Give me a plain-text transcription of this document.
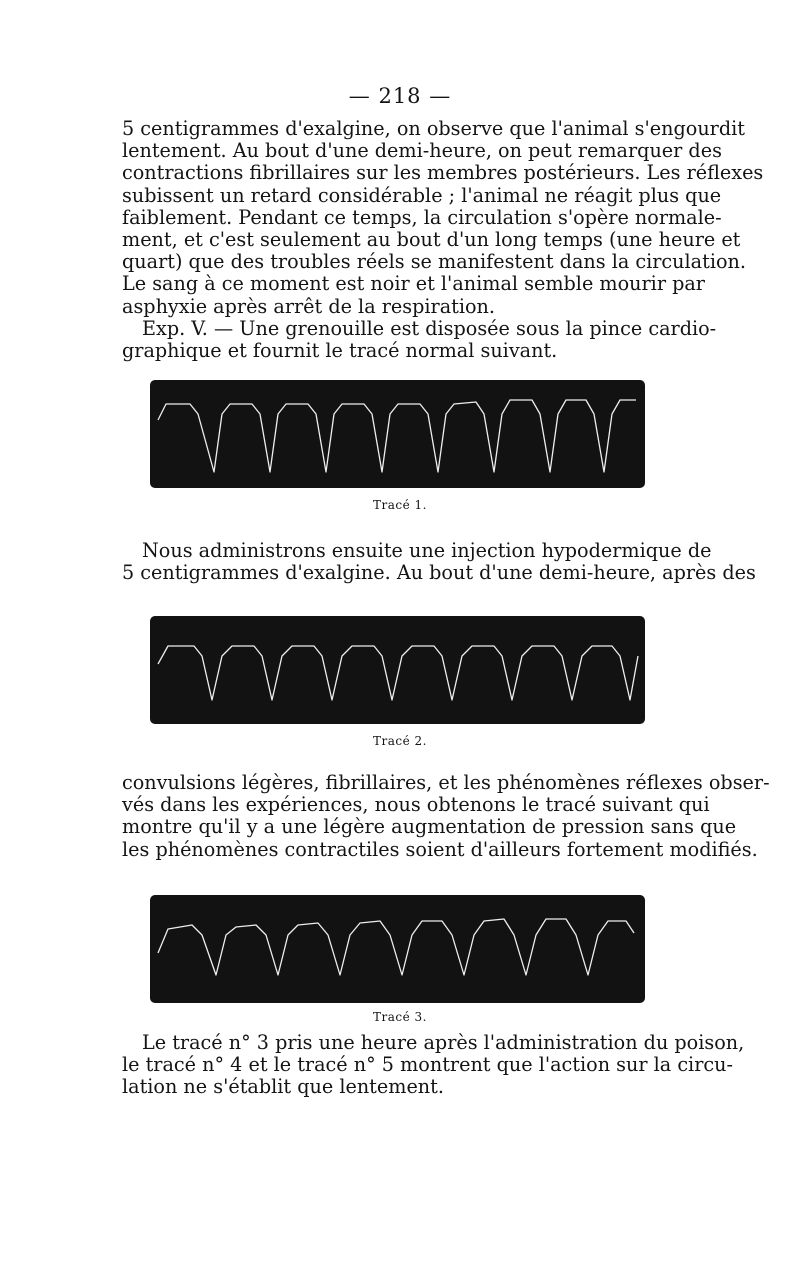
— 218 —
5 centigrammes d'exalgine, on observe que l'animal s'engourdit
lentement. Au bout d'une demi-heure, on peut remarquer des
contractions fibrillaires sur les membres postérieurs. Les réflexes
subissent un retard considérable ; l'animal ne réagit plus que
faiblement. Pendant ce temps, la circulation s'opère normale-
ment, et c'est seulement au bout d'un long temps (une heure et
quart) que des troubles réels se manifestent dans la circulation.
Le sang à ce moment est noir et l'animal semble mourir par
asphyxie après arrêt de la respiration.
Exp. V. — Une grenouille est disposée sous la pince cardio-
graphique et fournit le tracé normal suivant.
Tracé 1.
Nous administrons ensuite une injection hypodermique de
5 centigrammes d'exalgine. Au bout d'une demi-heure, après des
Tracé 2.
convulsions légères, fibrillaires, et les phénomènes réflexes obser-
vés dans les expériences, nous obtenons le tracé suivant qui
montre qu'il y a une légère augmentation de pression sans que
les phénomènes contractiles soient d'ailleurs fortement modifiés.
Tracé 3.
Le tracé n° 3 pris une heure après l'administration du poison,
le tracé n° 4 et le tracé n° 5 montrent que l'action sur la circu-
lation ne s'établit que lentement.
